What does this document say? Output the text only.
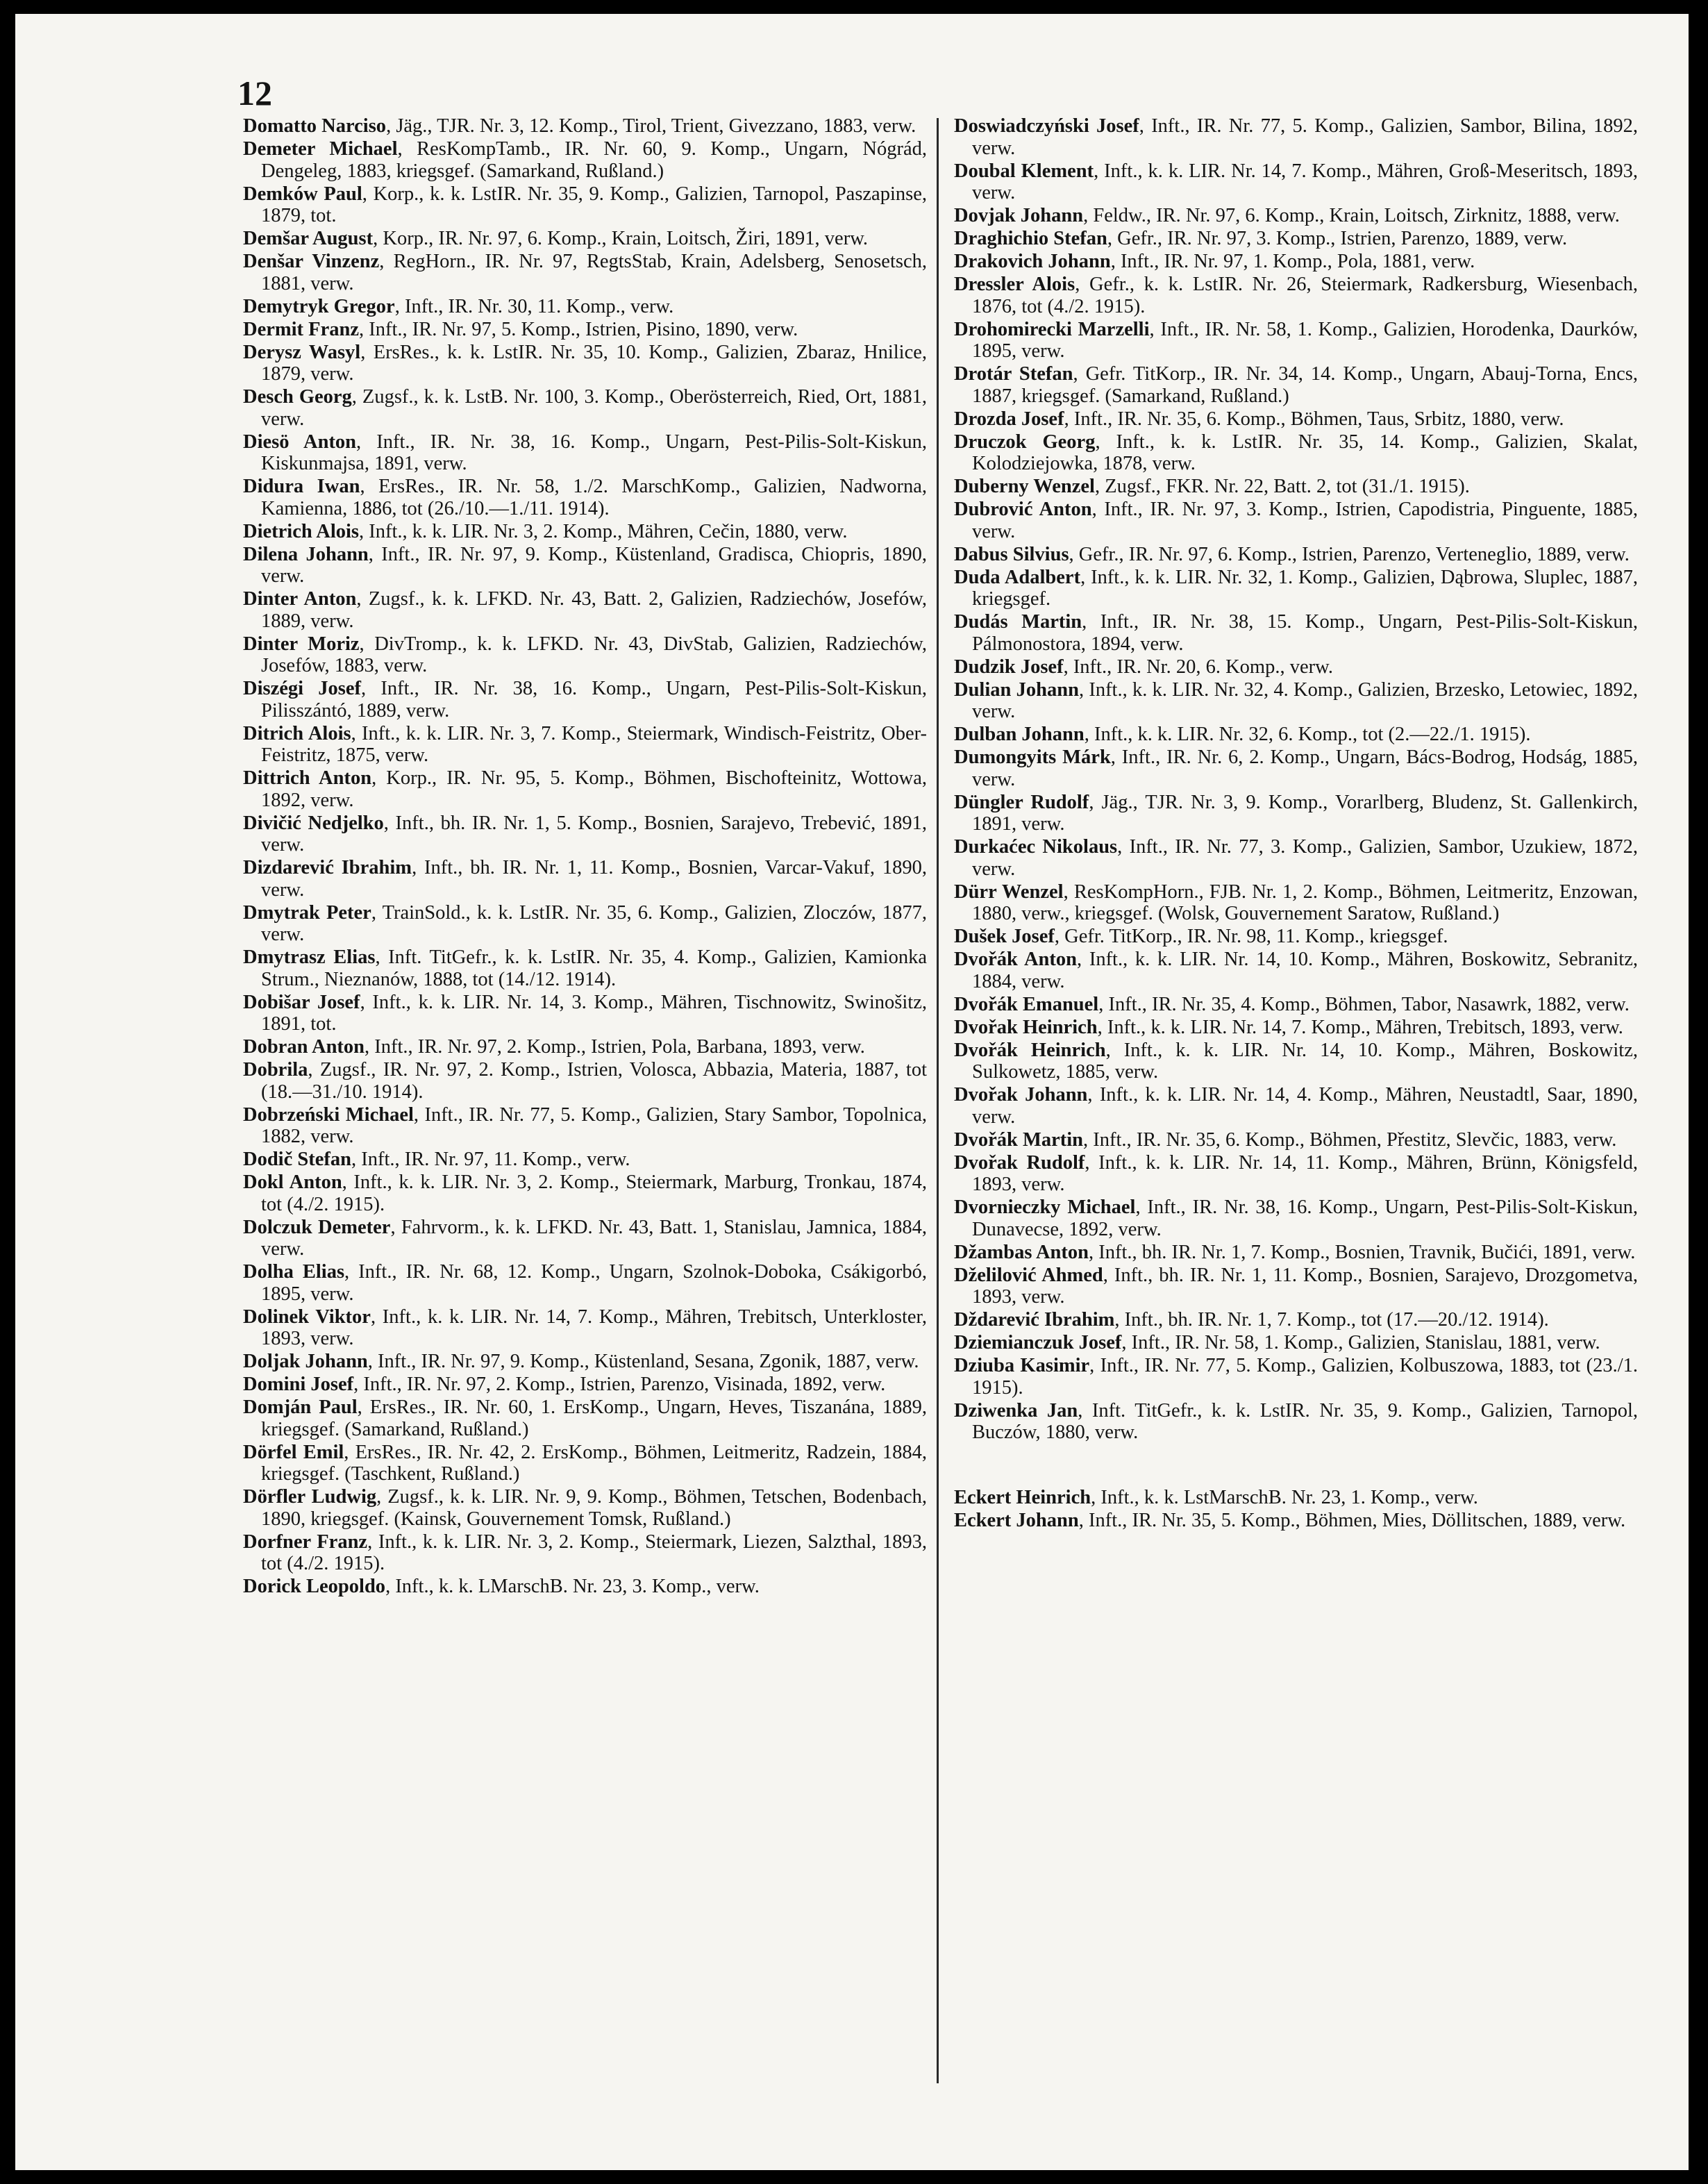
12

Domatto Narciso, Jäg., TJR. Nr. 3, 12. Komp., Tirol, Trient, Givezzano, 1883, verw.

Demeter Michael, ResKompTamb., IR. Nr. 60, 9. Komp., Ungarn, Nógrád, Dengeleg, 1883, kriegsgef. (Samarkand, Rußland.)

Demków Paul, Korp., k. k. LstIR. Nr. 35, 9. Komp., Galizien, Tarnopol, Paszapinse, 1879, tot.

Demšar August, Korp., IR. Nr. 97, 6. Komp., Krain, Loitsch, Žiri, 1891, verw.

Denšar Vinzenz, RegHorn., IR. Nr. 97, RegtsStab, Krain, Adelsberg, Senosetsch, 1881, verw.

Demytryk Gregor, Inft., IR. Nr. 30, 11. Komp., verw.

Dermit Franz, Inft., IR. Nr. 97, 5. Komp., Istrien, Pisino, 1890, verw.

Derysz Wasyl, ErsRes., k. k. LstIR. Nr. 35, 10. Komp., Galizien, Zbaraz, Hnilice, 1879, verw.

Desch Georg, Zugsf., k. k. LstB. Nr. 100, 3. Komp., Oberösterreich, Ried, Ort, 1881, verw.

Diesö Anton, Inft., IR. Nr. 38, 16. Komp., Ungarn, Pest-Pilis-Solt-Kiskun, Kiskunmajsa, 1891, verw.

Didura Iwan, ErsRes., IR. Nr. 58, 1./2. MarschKomp., Galizien, Nadworna, Kamienna, 1886, tot (26./10.—1./11. 1914).

Dietrich Alois, Inft., k. k. LIR. Nr. 3, 2. Komp., Mähren, Cečin, 1880, verw.

Dilena Johann, Inft., IR. Nr. 97, 9. Komp., Küstenland, Gradisca, Chiopris, 1890, verw.

Dinter Anton, Zugsf., k. k. LFKD. Nr. 43, Batt. 2, Galizien, Radziechów, Josefów, 1889, verw.

Dinter Moriz, DivTromp., k. k. LFKD. Nr. 43, DivStab, Galizien, Radziechów, Josefów, 1883, verw.

Diszégi Josef, Inft., IR. Nr. 38, 16. Komp., Ungarn, Pest-Pilis-Solt-Kiskun, Pilisszántó, 1889, verw.

Ditrich Alois, Inft., k. k. LIR. Nr. 3, 7. Komp., Steiermark, Windisch-Feistritz, Ober-Feistritz, 1875, verw.

Dittrich Anton, Korp., IR. Nr. 95, 5. Komp., Böhmen, Bischofteinitz, Wottowa, 1892, verw.

Divičić Nedjelko, Inft., bh. IR. Nr. 1, 5. Komp., Bosnien, Sarajevo, Trebević, 1891, verw.

Dizdarević Ibrahim, Inft., bh. IR. Nr. 1, 11. Komp., Bosnien, Varcar-Vakuf, 1890, verw.

Dmytrak Peter, TrainSold., k. k. LstIR. Nr. 35, 6. Komp., Galizien, Zloczów, 1877, verw.

Dmytrasz Elias, Inft. TitGefr., k. k. LstIR. Nr. 35, 4. Komp., Galizien, Kamionka Strum., Nieznanów, 1888, tot (14./12. 1914).

Dobišar Josef, Inft., k. k. LIR. Nr. 14, 3. Komp., Mähren, Tischnowitz, Swinošitz, 1891, tot.

Dobran Anton, Inft., IR. Nr. 97, 2. Komp., Istrien, Pola, Barbana, 1893, verw.

Dobrila, Zugsf., IR. Nr. 97, 2. Komp., Istrien, Volosca, Abbazia, Materia, 1887, tot (18.—31./10. 1914).

Dobrzeński Michael, Inft., IR. Nr. 77, 5. Komp., Galizien, Stary Sambor, Topolnica, 1882, verw.

Dodič Stefan, Inft., IR. Nr. 97, 11. Komp., verw.

Dokl Anton, Inft., k. k. LIR. Nr. 3, 2. Komp., Steiermark, Marburg, Tronkau, 1874, tot (4./2. 1915).

Dolczuk Demeter, Fahrvorm., k. k. LFKD. Nr. 43, Batt. 1, Stanislau, Jamnica, 1884, verw.

Dolha Elias, Inft., IR. Nr. 68, 12. Komp., Ungarn, Szolnok-Doboka, Csákigorbó, 1895, verw.

Dolinek Viktor, Inft., k. k. LIR. Nr. 14, 7. Komp., Mähren, Trebitsch, Unterkloster, 1893, verw.

Doljak Johann, Inft., IR. Nr. 97, 9. Komp., Küstenland, Sesana, Zgonik, 1887, verw.

Domini Josef, Inft., IR. Nr. 97, 2. Komp., Istrien, Parenzo, Visinada, 1892, verw.

Domján Paul, ErsRes., IR. Nr. 60, 1. ErsKomp., Ungarn, Heves, Tiszanána, 1889, kriegsgef. (Samarkand, Rußland.)

Dörfel Emil, ErsRes., IR. Nr. 42, 2. ErsKomp., Böhmen, Leitmeritz, Radzein, 1884, kriegsgef. (Taschkent, Rußland.)

Dörfler Ludwig, Zugsf., k. k. LIR. Nr. 9, 9. Komp., Böhmen, Tetschen, Bodenbach, 1890, kriegsgef. (Kainsk, Gouvernement Tomsk, Rußland.)

Dorfner Franz, Inft., k. k. LIR. Nr. 3, 2. Komp., Steiermark, Liezen, Salzthal, 1893, tot (4./2. 1915).

Dorick Leopoldo, Inft., k. k. LMarschB. Nr. 23, 3. Komp., verw.

Doswiadczyński Josef, Inft., IR. Nr. 77, 5. Komp., Galizien, Sambor, Bilina, 1892, verw.

Doubal Klement, Inft., k. k. LIR. Nr. 14, 7. Komp., Mähren, Groß-Meseritsch, 1893, verw.

Dovjak Johann, Feldw., IR. Nr. 97, 6. Komp., Krain, Loitsch, Zirknitz, 1888, verw.

Draghichio Stefan, Gefr., IR. Nr. 97, 3. Komp., Istrien, Parenzo, 1889, verw.

Drakovich Johann, Inft., IR. Nr. 97, 1. Komp., Pola, 1881, verw.

Dressler Alois, Gefr., k. k. LstIR. Nr. 26, Steiermark, Radkersburg, Wiesenbach, 1876, tot (4./2. 1915).

Drohomirecki Marzelli, Inft., IR. Nr. 58, 1. Komp., Galizien, Horodenka, Daurków, 1895, verw.

Drotár Stefan, Gefr. TitKorp., IR. Nr. 34, 14. Komp., Ungarn, Abauj-Torna, Encs, 1887, kriegsgef. (Samarkand, Rußland.)

Drozda Josef, Inft., IR. Nr. 35, 6. Komp., Böhmen, Taus, Srbitz, 1880, verw.

Druczok Georg, Inft., k. k. LstIR. Nr. 35, 14. Komp., Galizien, Skalat, Kolodziejowka, 1878, verw.

Duberny Wenzel, Zugsf., FKR. Nr. 22, Batt. 2, tot (31./1. 1915).

Dubrović Anton, Inft., IR. Nr. 97, 3. Komp., Istrien, Capodistria, Pinguente, 1885, verw.

Dabus Silvius, Gefr., IR. Nr. 97, 6. Komp., Istrien, Parenzo, Verteneglio, 1889, verw.

Duda Adalbert, Inft., k. k. LIR. Nr. 32, 1. Komp., Galizien, Dąbrowa, Sluplec, 1887, kriegsgef.

Dudás Martin, Inft., IR. Nr. 38, 15. Komp., Ungarn, Pest-Pilis-Solt-Kiskun, Pálmonostora, 1894, verw.

Dudzik Josef, Inft., IR. Nr. 20, 6. Komp., verw.

Dulian Johann, Inft., k. k. LIR. Nr. 32, 4. Komp., Galizien, Brzesko, Letowiec, 1892, verw.

Dulban Johann, Inft., k. k. LIR. Nr. 32, 6. Komp., tot (2.—22./1. 1915).

Dumongyits Márk, Inft., IR. Nr. 6, 2. Komp., Ungarn, Bács-Bodrog, Hodság, 1885, verw.

Düngler Rudolf, Jäg., TJR. Nr. 3, 9. Komp., Vorarlberg, Bludenz, St. Gallenkirch, 1891, verw.

Durkaćec Nikolaus, Inft., IR. Nr. 77, 3. Komp., Galizien, Sambor, Uzukiew, 1872, verw.

Dürr Wenzel, ResKompHorn., FJB. Nr. 1, 2. Komp., Böhmen, Leitmeritz, Enzowan, 1880, verw., kriegsgef. (Wolsk, Gouvernement Saratow, Rußland.)

Dušek Josef, Gefr. TitKorp., IR. Nr. 98, 11. Komp., kriegsgef.

Dvořák Anton, Inft., k. k. LIR. Nr. 14, 10. Komp., Mähren, Boskowitz, Sebranitz, 1884, verw.

Dvořák Emanuel, Inft., IR. Nr. 35, 4. Komp., Böhmen, Tabor, Nasawrk, 1882, verw.

Dvořak Heinrich, Inft., k. k. LIR. Nr. 14, 7. Komp., Mähren, Trebitsch, 1893, verw.

Dvořák Heinrich, Inft., k. k. LIR. Nr. 14, 10. Komp., Mähren, Boskowitz, Sulkowetz, 1885, verw.

Dvořak Johann, Inft., k. k. LIR. Nr. 14, 4. Komp., Mähren, Neustadtl, Saar, 1890, verw.

Dvořák Martin, Inft., IR. Nr. 35, 6. Komp., Böhmen, Přestitz, Slevčic, 1883, verw.

Dvořak Rudolf, Inft., k. k. LIR. Nr. 14, 11. Komp., Mähren, Brünn, Königsfeld, 1893, verw.

Dvornieczky Michael, Inft., IR. Nr. 38, 16. Komp., Ungarn, Pest-Pilis-Solt-Kiskun, Dunavecse, 1892, verw.

Džambas Anton, Inft., bh. IR. Nr. 1, 7. Komp., Bosnien, Travnik, Bučići, 1891, verw.

Dželilović Ahmed, Inft., bh. IR. Nr. 1, 11. Komp., Bosnien, Sarajevo, Drozgometva, 1893, verw.

Dždarević Ibrahim, Inft., bh. IR. Nr. 1, 7. Komp., tot (17.—20./12. 1914).

Dziemianczuk Josef, Inft., IR. Nr. 58, 1. Komp., Galizien, Stanislau, 1881, verw.

Dziuba Kasimir, Inft., IR. Nr. 77, 5. Komp., Galizien, Kolbuszowa, 1883, tot (23./1. 1915).

Dziwenka Jan, Inft. TitGefr., k. k. LstIR. Nr. 35, 9. Komp., Galizien, Tarnopol, Buczów, 1880, verw.

Eckert Heinrich, Inft., k. k. LstMarschB. Nr. 23, 1. Komp., verw.

Eckert Johann, Inft., IR. Nr. 35, 5. Komp., Böhmen, Mies, Döllitschen, 1889, verw.
